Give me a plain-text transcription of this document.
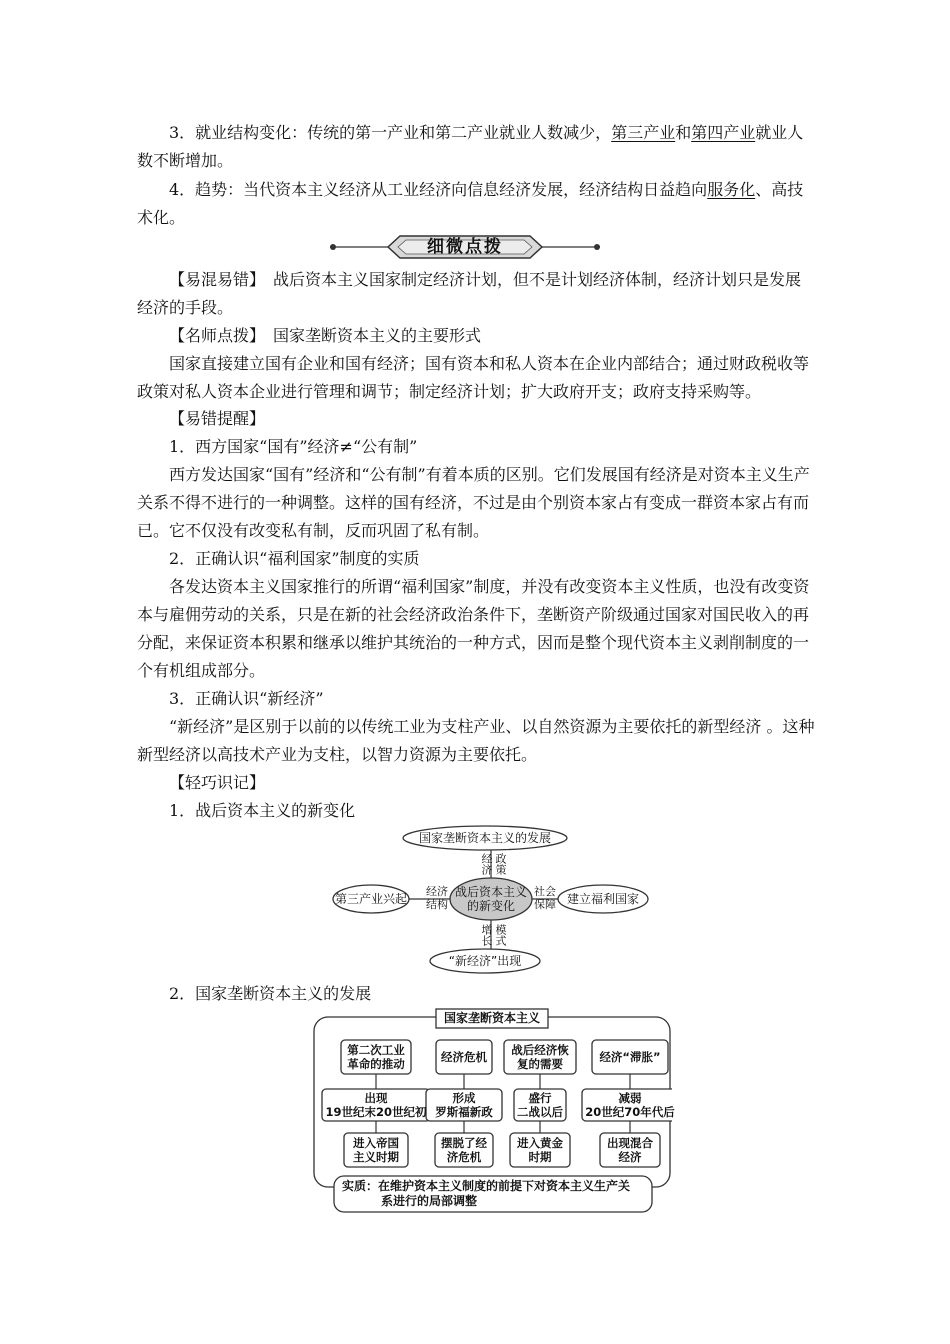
3．就业结构变化：传统的第一产业和第二产业就业人数减少，第三产业和第四产业就业人数不断增加。
4．趋势：当代资本主义经济从工业经济向信息经济发展，经济结构日益趋向服务化、高技术化。
细微点拨
【易混易错】　 战后资本主义国家制定经济计划，但不是计划经济体制，经济计划只是发展经济的手段。
【名师点拨】　 国家垄断资本主义的主要形式
国家直接建立国有企业和国有经济；国有资本和私人资本在企业内部结合；通过财政税收等政策对私人资本企业进行管理和调节；制定经济计划；扩大政府开支；政府支持采购等。
【易错提醒】
1．西方国家“国有”经济≠“公有制”
西方发达国家“国有”经济和“公有制”有着本质的区别。它们发展国有经济是对资本主义生产关系不得不进行的一种调整。这样的国有经济，不过是由个别资本家占有变成一群资本家占有而已。它不仅没有改变私有制，反而巩固了私有制。
2．正确认识“福利国家”制度的实质
各发达资本主义国家推行的所谓“福利国家”制度，并没有改变资本主义性质，也没有改变资本与雇佣劳动的关系，只是在新的社会经济政治条件下，垄断资产阶级通过国家对国民收入的再分配，来保证资本积累和继承以维护其统治的一种方式，因而是整个现代资本主义剥削制度的一个有机组成部分。
3．正确认识“新经济”
“新经济”是区别于以前的以传统工业为支柱产业、以自然资源为主要依托的新型经济 。这种新型经济以高技术产业为支柱，以智力资源为主要依托。
【轻巧识记】
1．战后资本主义的新变化
国家垄断资本主义的发展
第三产业兴起	建立福利国家
“新经济”出现
战后资本主义的新变化
经济 政策
经济结构
社会保障
增长 模式
2．国家垄断资本主义的发展
国家垄断资本主义
实质：在维护资本主义制度的前提下对资本主义生产关
系进行的局部调整
第二次工业
革命的推动
出现
19世纪末20世纪初
进入帝国
主义时期
经济危机
形成
罗斯福新政
摆脱了经
济危机
战后经济恢
复的需要
盛行
二战以后
进入黄金
时期
经济“滞胀”
减弱
20世纪70年代后
出现混合
经济
